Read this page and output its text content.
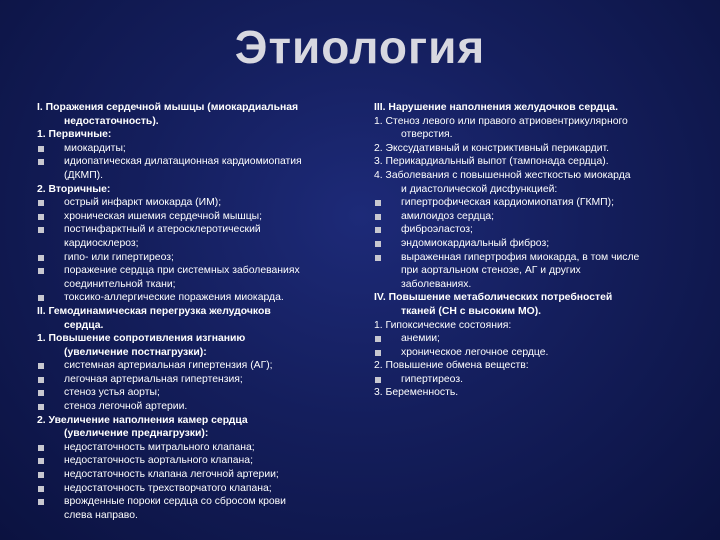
Этиология

I. Поражения сердечной мышцы (миокардиальная

недостаточность).

1. Первичные:

миокардиты;

идиопатическая дилатационная кардиомиопатия

(ДКМП).

2. Вторичные:

острый инфаркт миокарда (ИМ);

хроническая ишемия сердечной мышцы;

постинфарктный и атеросклеротический

кардиосклероз;

гипо- или гипертиреоз;

поражение сердца при системных заболеваниях

соединительной ткани;

токсико-аллергические поражения миокарда.

II. Гемодинамическая перегрузка желудочков

сердца.

1. Повышение сопротивления изгнанию

(увеличение постнагрузки):

системная артериальная гипертензия (АГ);

легочная артериальная гипертензия;

стеноз устья аорты;

стеноз легочной артерии.

2. Увеличение наполнения камер сердца

(увеличение преднагрузки):

недостаточность митрального клапана;

недостаточность аортального клапана;

недостаточность клапана легочной артерии;

недостаточность трехстворчатого клапана;

врожденные пороки сердца со сбросом крови

слева направо.

III. Нарушение наполнения желудочков сердца.

1. Стеноз левого или правого атриовентрикулярного

отверстия.

2. Экссудативный и констриктивный перикардит.

3. Перикардиальный выпот (тампонада сердца).

4. Заболевания с повышенной жесткостью миокарда

и диастолической дисфункцией:

гипертрофическая кардиомиопатия (ГКМП);

амилоидоз сердца;

фиброэластоз;

эндомиокардиальный фиброз;

выраженная гипертрофия миокарда, в том числе

при аортальном стенозе, АГ и других

заболеваниях.

IV. Повышение метаболических потребностей

тканей (СН с высоким МО).

1. Гипоксические состояния:

анемии;

хроническое легочное сердце.

2. Повышение обмена веществ:

гипертиреоз.

3. Беременность.
